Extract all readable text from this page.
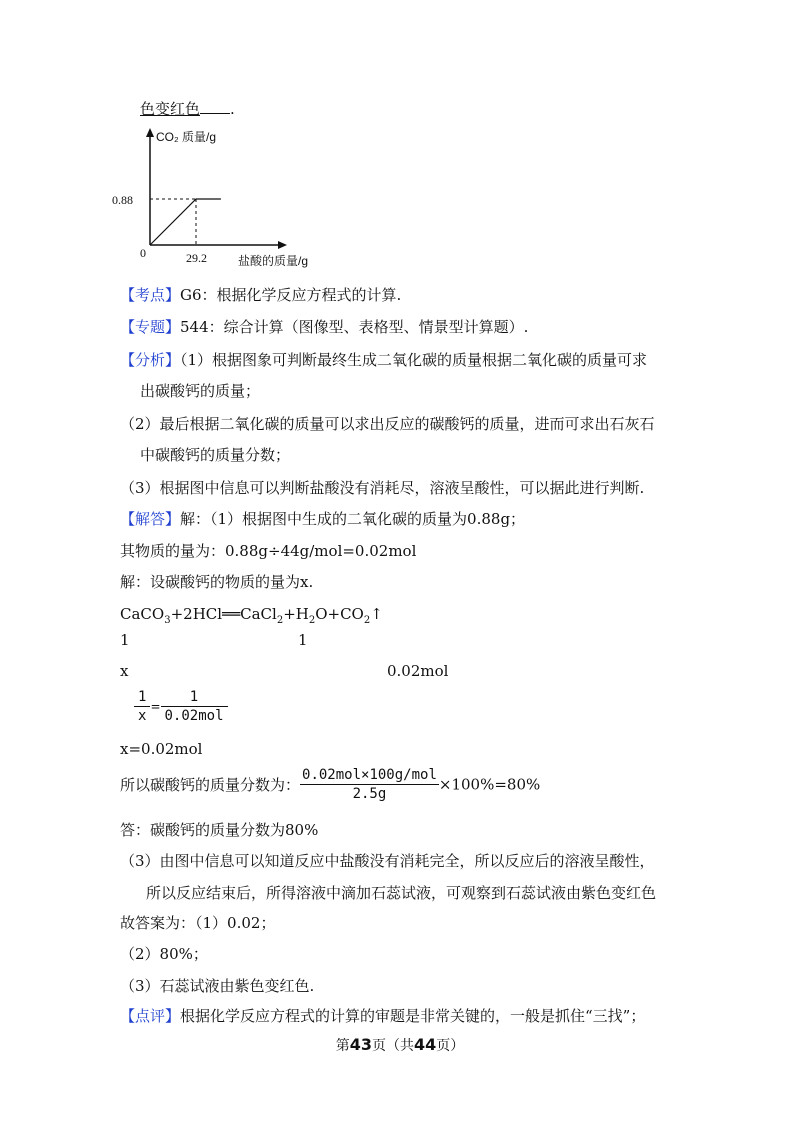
色变红色 .
CO₂ 质量/g
0.88
0	29.2	盐酸的质量/g
【考点】G6：根据化学反应方程式的计算.
【专题】544：综合计算（图像型、表格型、情景型计算题）.
【分析】（1）根据图象可判断最终生成二氧化碳的质量根据二氧化碳的质量可求
出碳酸钙的质量；
（2）最后根据二氧化碳的质量可以求出反应的碳酸钙的质量，进而可求出石灰石
中碳酸钙的质量分数；
（3）根据图中信息可以判断盐酸没有消耗尽，溶液呈酸性，可以据此进行判断.
【解答】解：（1）根据图中生成的二氧化碳的质量为0.88g；
其物质的量为：0.88g÷44g/mol=0.02mol
解：设碳酸钙的物质的量为x.
$CaCO_3+2HCl══CaCl_2+H_2O+CO_2↑$
1	1
x	0.02mol
$\frac{1}{x} = \frac{1}{\text{0.02mol}}$
x=0.02mol
所以碳酸钙的质量分数为： $\frac{\text{0.02mol×100g/mol}}{2.5g} \times 100\%=80\%$
答：碳酸钙的质量分数为80%
（3）由图中信息可以知道反应中盐酸没有消耗完全，所以反应后的溶液呈酸性，
所以反应结束后，所得溶液中滴加石蕊试液，可观察到石蕊试液由紫色变红色
故答案为：（1）0.02；
（2）80%；
（3）石蕊试液由紫色变红色.
【点评】根据化学反应方程式的计算的审题是非常关键的，一般是抓住“三找”；
第43页（共44页）
